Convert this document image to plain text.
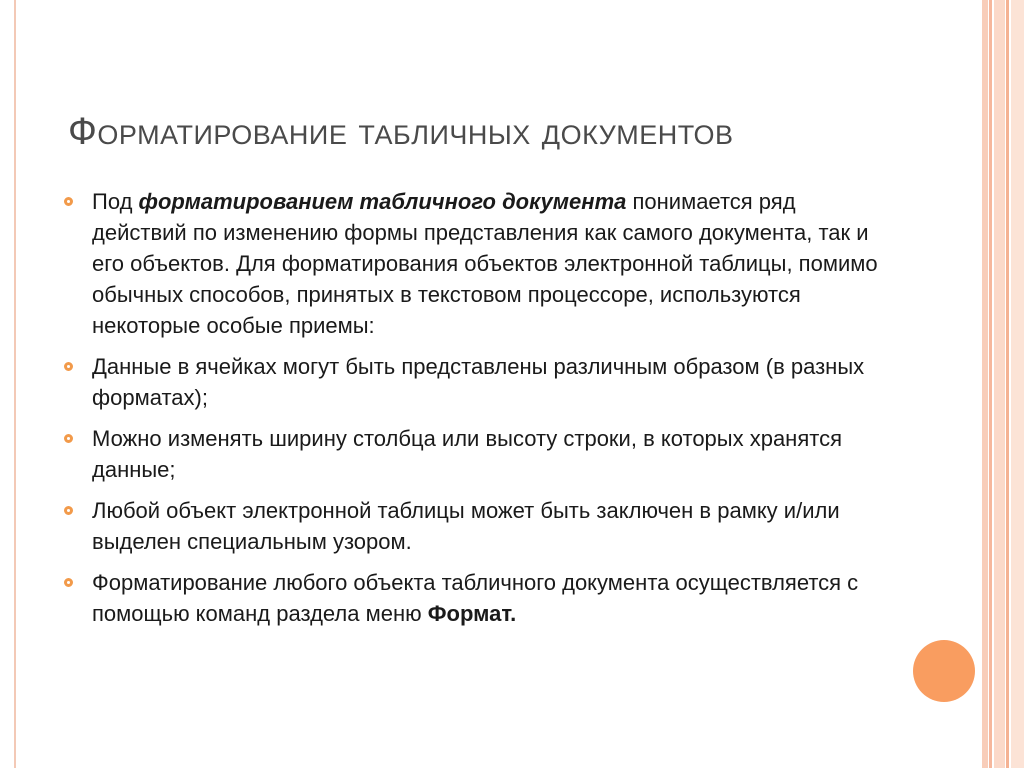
Форматирование табличных документов
Под форматированием табличного документа понимается ряд действий по изменению формы представления как самого документа, так и его объектов. Для форматирования объектов электронной таблицы, помимо обычных способов, принятых в текстовом процессоре, используются некоторые особые приемы:
Данные в ячейках могут быть представлены различным образом (в разных форматах);
Можно изменять ширину столбца или высоту строки, в которых хранятся данные;
Любой объект электронной таблицы может быть заключен в рамку и/или выделен специальным узором.
Форматирование любого объекта табличного документа осуществляется с помощью команд раздела меню Формат.
